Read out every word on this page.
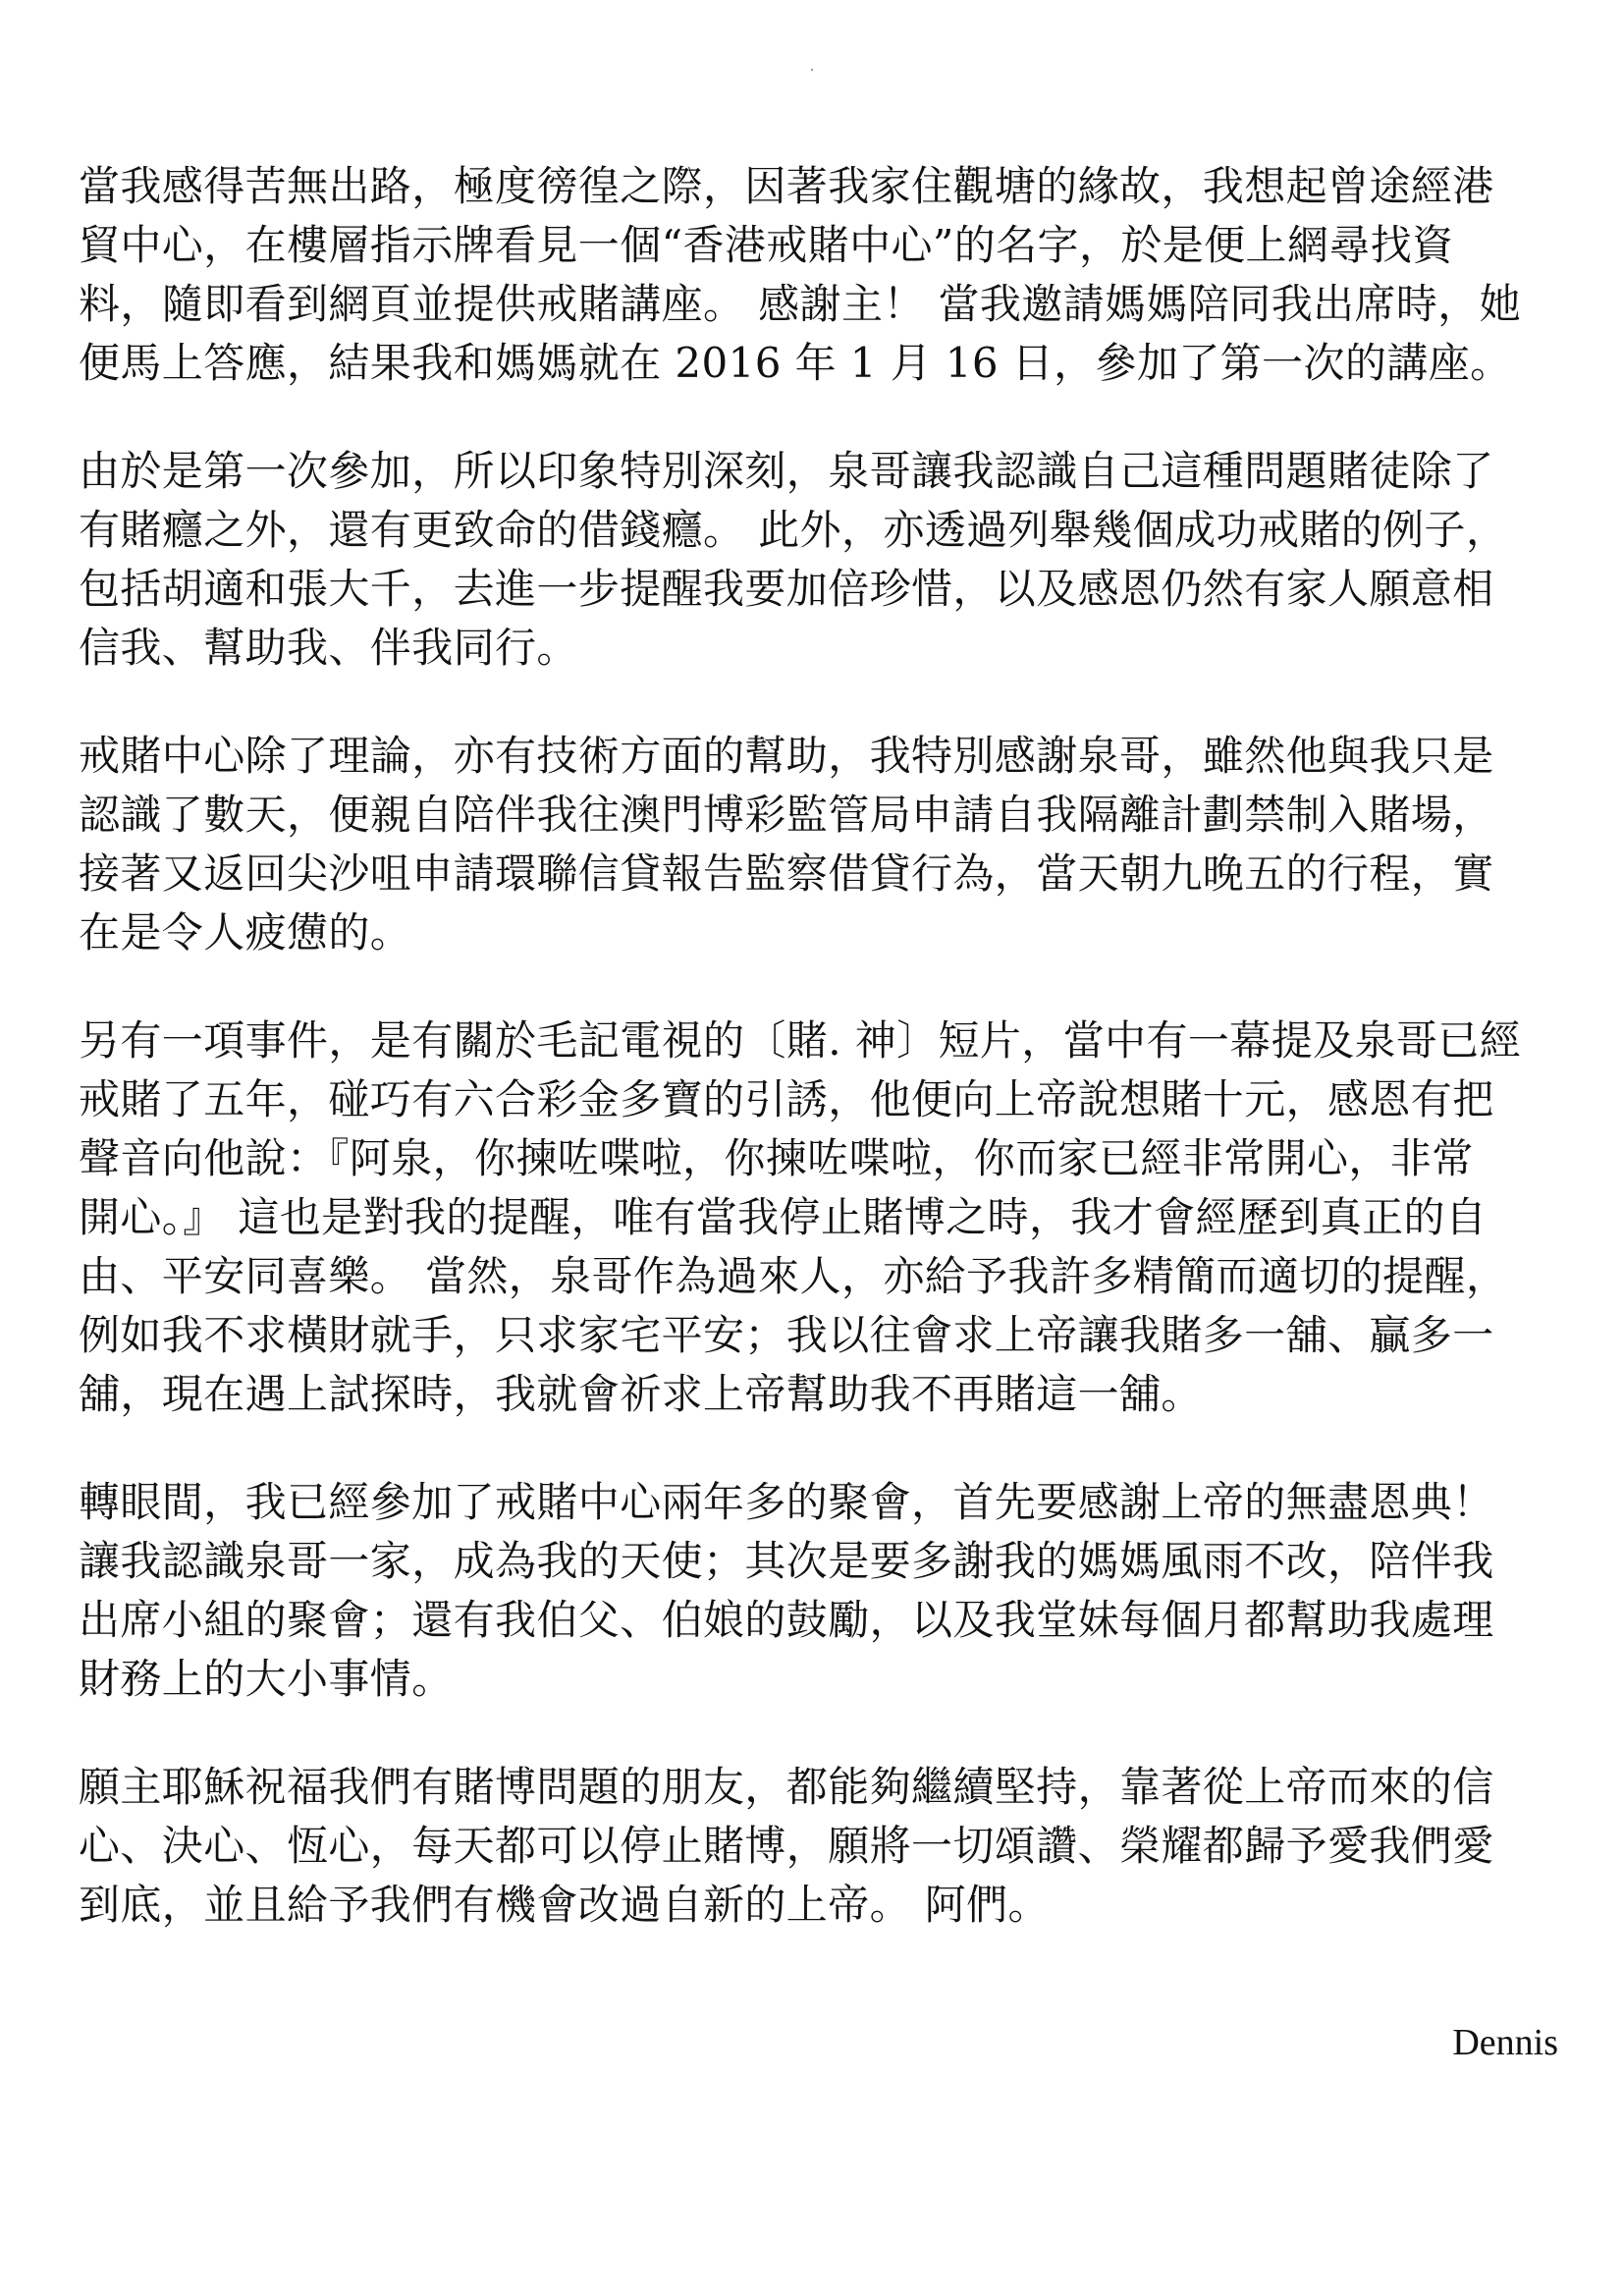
當我感得苦無出路，極度徬徨之際，因著我家住觀塘的緣故，我想起曾途經港
貿中心，在樓層指示牌看見一個“香港戒賭中心”的名字，於是便上網尋找資
料，隨即看到網頁並提供戒賭講座。 感謝主！ 當我邀請媽媽陪同我出席時，她
便馬上答應，結果我和媽媽就在 2016 年 1 月 16 日，參加了第一次的講座。
由於是第一次參加，所以印象特別深刻，泉哥讓我認識自己這種問題賭徒除了
有賭癮之外，還有更致命的借錢癮。 此外，亦透過列舉幾個成功戒賭的例子，
包括胡適和張大千，去進一步提醒我要加倍珍惜，以及感恩仍然有家人願意相
信我、幫助我、伴我同行。
戒賭中心除了理論，亦有技術方面的幫助，我特別感謝泉哥，雖然他與我只是
認識了數天，便親自陪伴我往澳門博彩監管局申請自我隔離計劃禁制入賭場，
接著又返回尖沙咀申請環聯信貸報告監察借貸行為，當天朝九晚五的行程，實
在是令人疲憊的。
另有一項事件，是有關於毛記電視的〔賭. 神〕短片，當中有一幕提及泉哥已經
戒賭了五年，碰巧有六合彩金多寶的引誘，他便向上帝說想賭十元，感恩有把
聲音向他說：『阿泉，你揀咗喋啦，你揀咗喋啦，你而家已經非常開心，非常
開心。』 這也是對我的提醒，唯有當我停止賭博之時，我才會經歷到真正的自
由、平安同喜樂。 當然，泉哥作為過來人，亦給予我許多精簡而適切的提醒，
例如我不求橫財就手，只求家宅平安；我以往會求上帝讓我賭多一舖、贏多一
舖，現在遇上試探時，我就會祈求上帝幫助我不再賭這一舖。
轉眼間，我已經參加了戒賭中心兩年多的聚會，首先要感謝上帝的無盡恩典！
讓我認識泉哥一家，成為我的天使；其次是要多謝我的媽媽風雨不改，陪伴我
出席小組的聚會；還有我伯父、伯娘的鼓勵，以及我堂妹每個月都幫助我處理
財務上的大小事情。
願主耶穌祝福我們有賭博問題的朋友，都能夠繼續堅持，靠著從上帝而來的信
心、決心、恆心，每天都可以停止賭博，願將一切頌讚、榮耀都歸予愛我們愛
到底，並且給予我們有機會改過自新的上帝。 阿們。
Dennis
